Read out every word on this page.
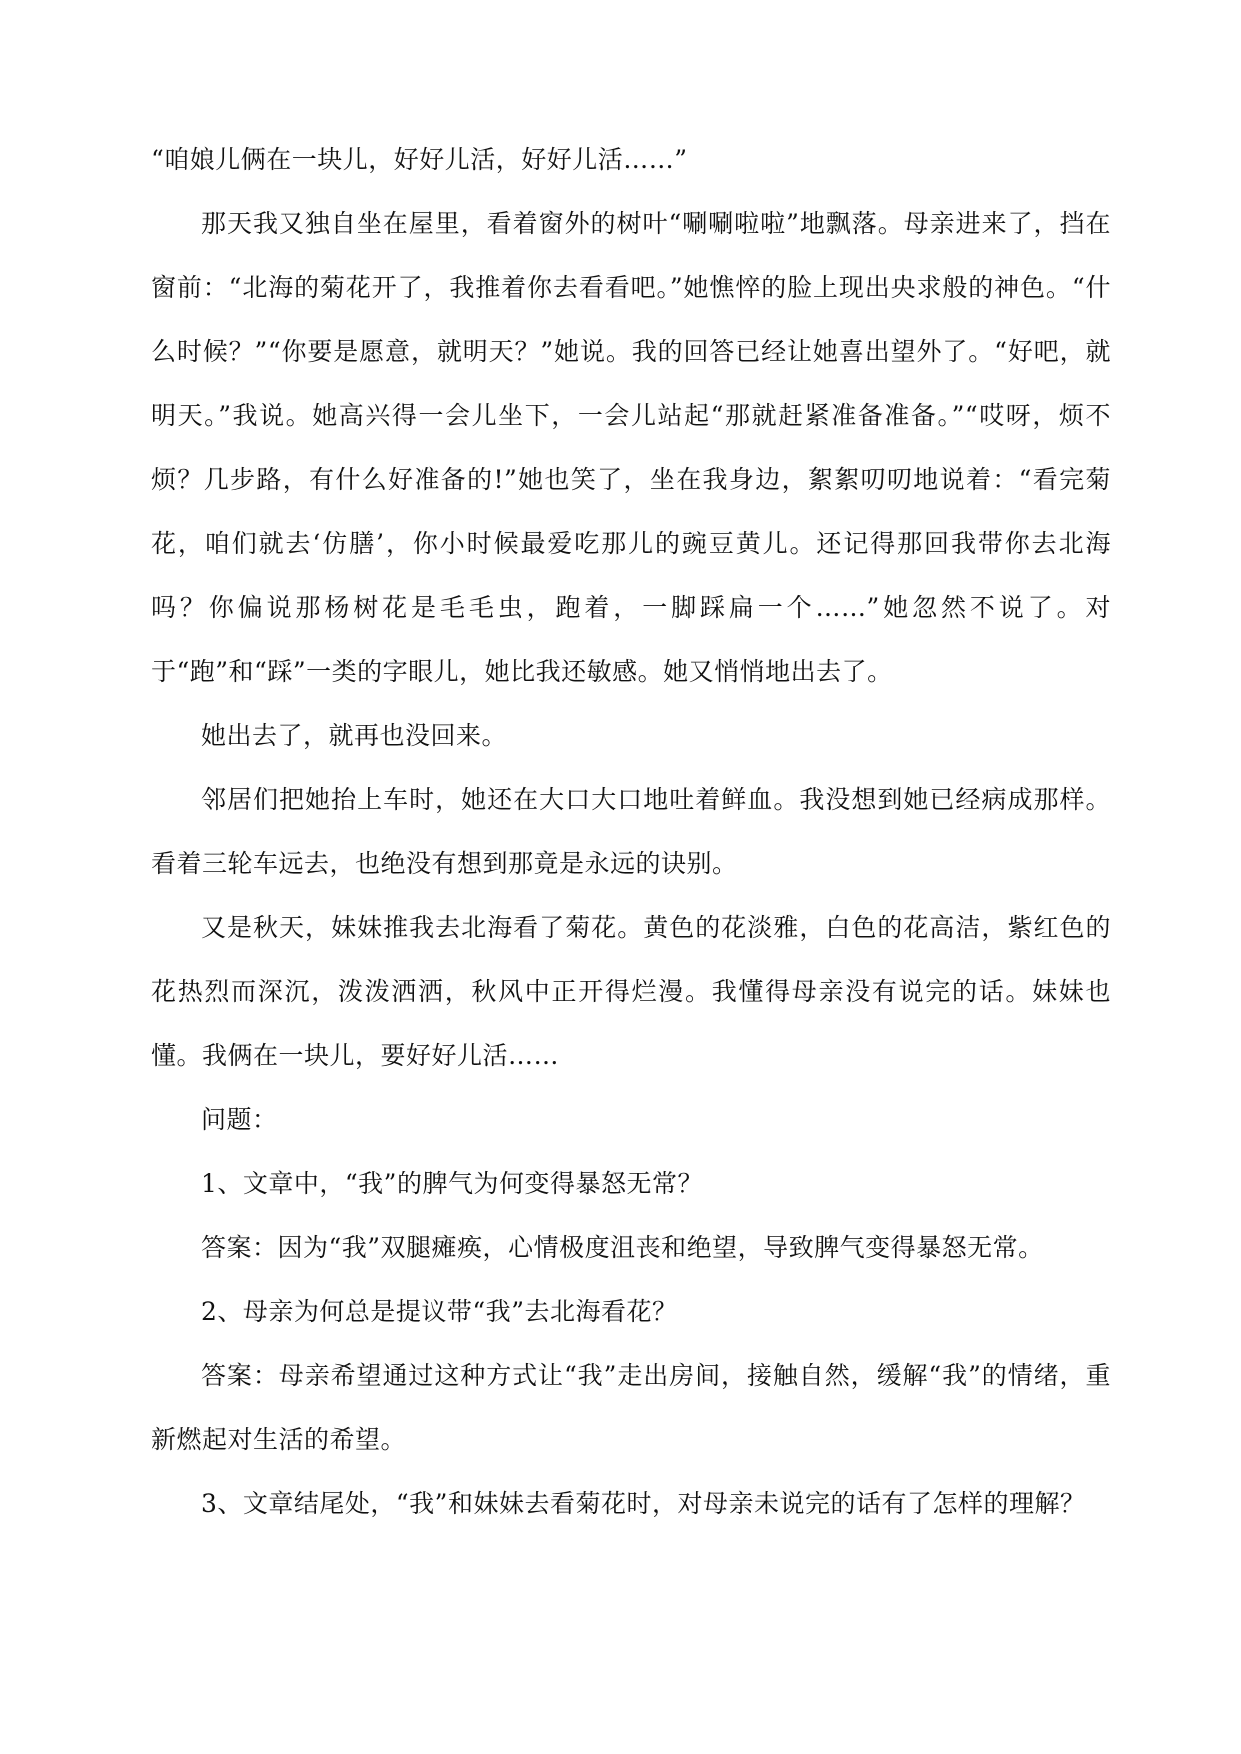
“咱娘儿俩在一块儿，好好儿活，好好儿活……”

那天我又独自坐在屋里，看着窗外的树叶“唰唰啦啦”地飘落。母亲进来了，挡在窗前：“北海的菊花开了，我推着你去看看吧。”她憔悴的脸上现出央求般的神色。“什么时候？”“你要是愿意，就明天？”她说。我的回答已经让她喜出望外了。“好吧，就明天。”我说。她高兴得一会儿坐下，一会儿站起“那就赶紧准备准备。”“哎呀，烦不烦？几步路，有什么好准备的!”她也笑了，坐在我身边，絮絮叨叨地说着：“看完菊花，咱们就去‘仿膳’，你小时候最爱吃那儿的豌豆黄儿。还记得那回我带你去北海吗？你偏说那杨树花是毛毛虫，跑着，一脚踩扁一个……”她忽然不说了。对于“跑”和“踩”一类的字眼儿，她比我还敏感。她又悄悄地出去了。

她出去了，就再也没回来。

邻居们把她抬上车时，她还在大口大口地吐着鲜血。我没想到她已经病成那样。看着三轮车远去，也绝没有想到那竟是永远的诀别。

又是秋天，妹妹推我去北海看了菊花。黄色的花淡雅，白色的花高洁，紫红色的花热烈而深沉，泼泼洒洒，秋风中正开得烂漫。我懂得母亲没有说完的话。妹妹也懂。我俩在一块儿，要好好儿活……

问题：

1、文章中，“我”的脾气为何变得暴怒无常？

答案：因为“我”双腿瘫痪，心情极度沮丧和绝望，导致脾气变得暴怒无常。

2、母亲为何总是提议带“我”去北海看花？

答案：母亲希望通过这种方式让“我”走出房间，接触自然，缓解“我”的情绪，重新燃起对生活的希望。

3、文章结尾处，“我”和妹妹去看菊花时，对母亲未说完的话有了怎样的理解？
